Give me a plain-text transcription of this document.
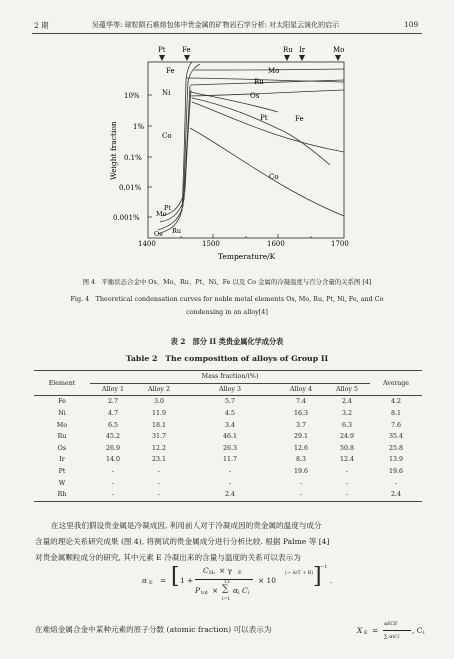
2 期	吴蕴华等: 球粒陨石难熔包体中贵金属的矿物岩石学分析: 对太阳星云演化的启示	109
Pt Fe	Ru Ir	Mo
10%
1%
0.1%
0.01%
0.001%
1400	1500	1600	1700
Weight fraction
Temperature/K
Fe	Mo
Ru
Ni	Os
Pt	Fe
Co
Co
Mo
Pt
Ru
Os
图 4　平衡状态合金中 Os、Mo、Ru、Pt、Ni、Fe 以及 Co 金属的冷凝温度与百分含量的关系图 [4]
Fig. 4　Theoretical condensation curves for noble metal elements Os, Mo, Ru, Pt, Ni, Fe, and Co
condensing in an alloy[4]
表 2　部分 II 类贵金属化学成分表
Table 2　The composition of alloys of Group II
Element	Mass fraction/(%)					Average
	Alloy 1	Alloy 2	Alloy 3	Alloy 4	Alloy 5	
Fe	2.7	3.0	5.7	7.4	2.4	4.2
Ni	4.7	11.9	4.5	16.3	3.2	8.1
Mo	6.5	18.1	3.4	3.7	6.3	7.6
Ru	45.2	31.7	46.1	29.1	24.9	35.4
Os	26.9	12.2	26.3	12.6	50.8	25.8
Ir	14.0	23.1	11.7	8.3	12.4	13.9
Pt	-	-	-	19.6	-	19.6
W	-	-	-	-	-	-
Rh	-	-	2.4	-	-	2.4
在这里我们假设贵金属是冷凝成因, 利用前人对于冷凝成因的贵金属的温度与成分
含量的理论关系研究成果 (图 4), 将测试的贵金属成分进行分析比较. 根据 Palme 等 [4]
对贵金属颗粒成分的研究, 其中元素 E 冷凝出来的含量与温度的关系可以表示为
α E = [ 1 +
C H₂ × γ E
P tot ×
13
∑
i=1
α i C i
× 10
(− A/T + B) ]
−1
.
在难熔金属合金中某种元素的原子分数 (atomic fraction) 可以表示为	X E =
αECE
∑ αiCi
, C i
